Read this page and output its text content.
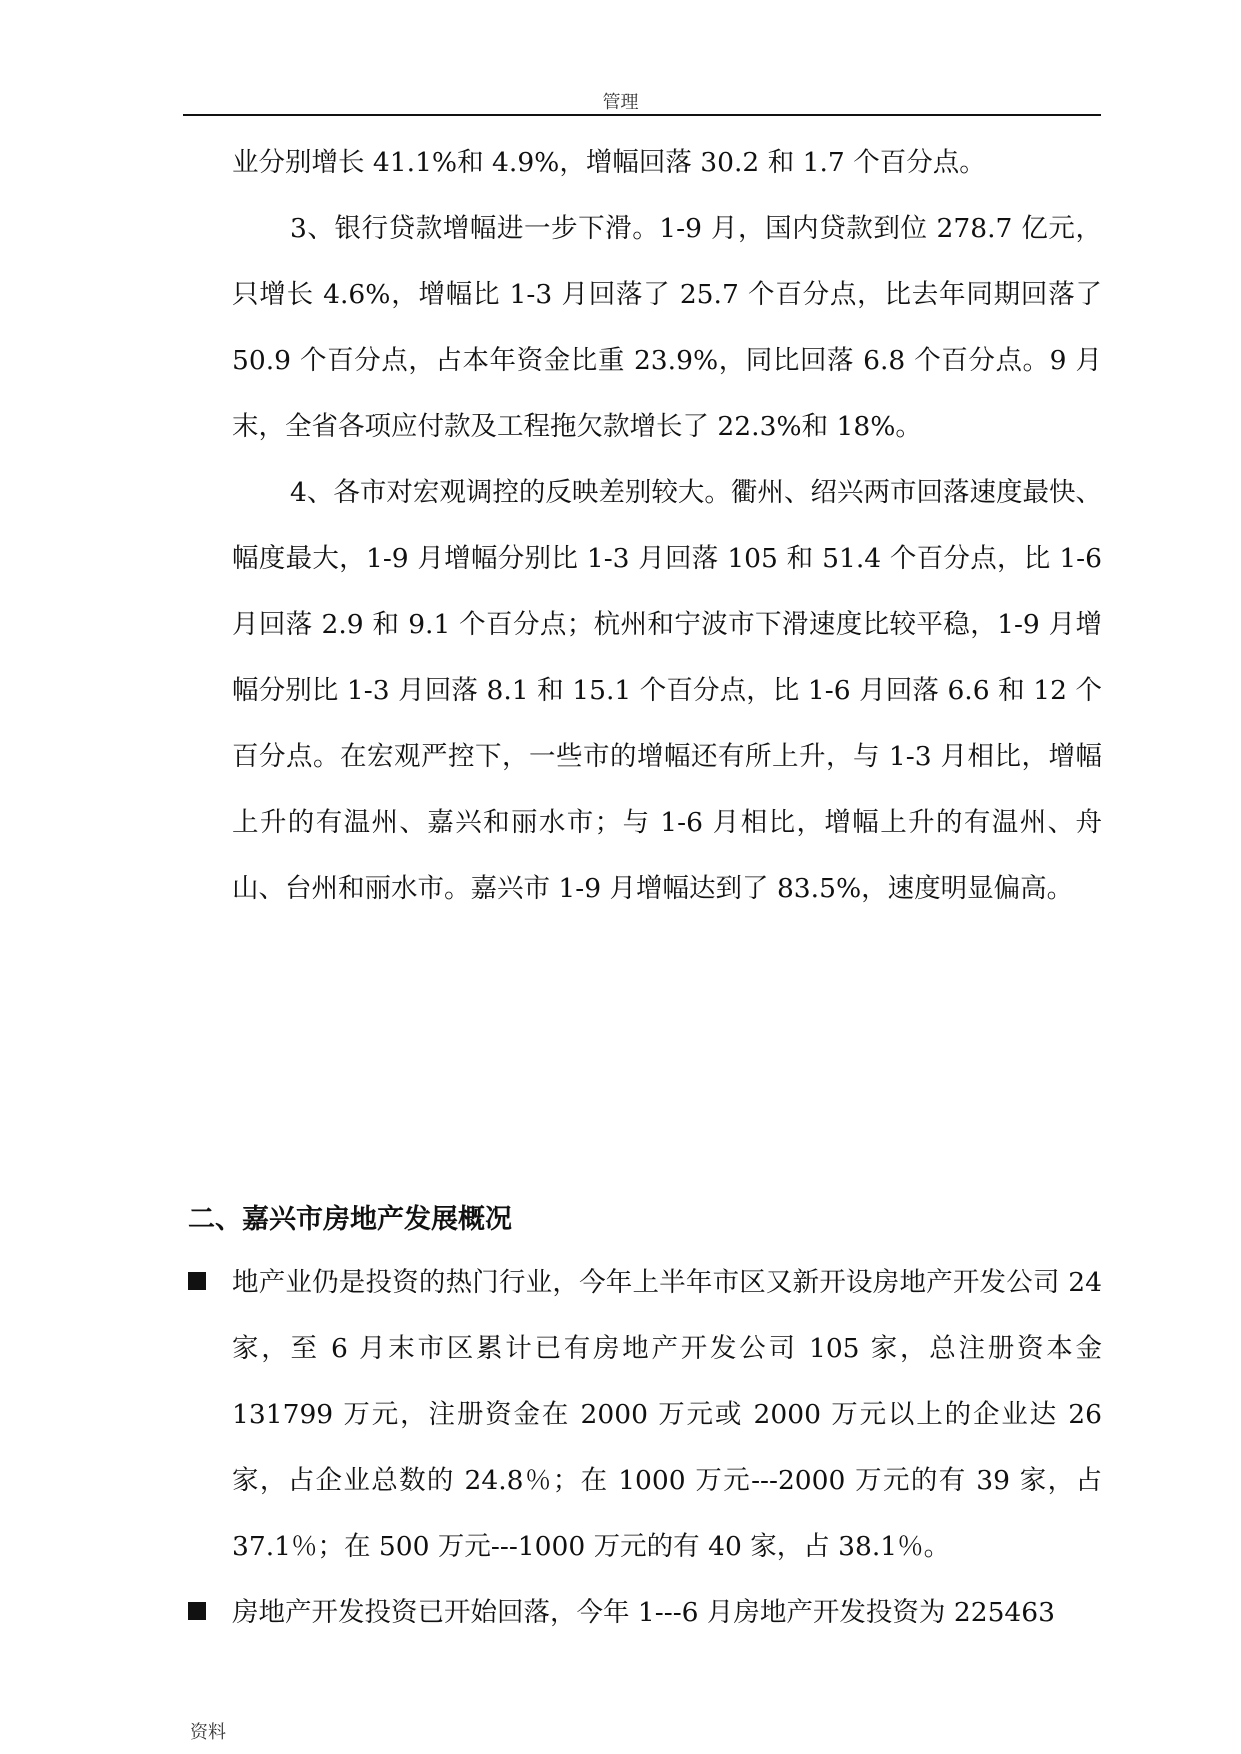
管理

业分别增长 41.1%和 4.9%，增幅回落 30.2 和 1.7 个百分点。

3、银行贷款增幅进一步下滑。1-9 月，国内贷款到位 278.7 亿元，只增长 4.6%，增幅比 1-3 月回落了 25.7 个百分点，比去年同期回落了 50.9 个百分点，占本年资金比重 23.9%，同比回落 6.8 个百分点。9 月末，全省各项应付款及工程拖欠款增长了 22.3%和 18%。

4、各市对宏观调控的反映差别较大。衢州、绍兴两市回落速度最快、幅度最大，1-9 月增幅分别比 1-3 月回落 105 和 51.4 个百分点，比 1-6 月回落 2.9 和 9.1 个百分点；杭州和宁波市下滑速度比较平稳，1-9 月增幅分别比 1-3 月回落 8.1 和 15.1 个百分点，比 1-6 月回落 6.6 和 12 个百分点。在宏观严控下，一些市的增幅还有所上升，与 1-3 月相比，增幅上升的有温州、嘉兴和丽水市；与 1-6 月相比，增幅上升的有温州、舟山、台州和丽水市。嘉兴市 1-9 月增幅达到了 83.5%，速度明显偏高。

二、嘉兴市房地产发展概况

地产业仍是投资的热门行业，今年上半年市区又新开设房地产开发公司 24 家，至 6 月末市区累计已有房地产开发公司 105 家，总注册资本金 131799 万元，注册资金在 2000 万元或 2000 万元以上的企业达 26 家，占企业总数的 24.8％；在 1000 万元---2000 万元的有 39 家，占 37.1％；在 500 万元---1000 万元的有 40 家，占 38.1％。

房地产开发投资已开始回落，今年 1---6 月房地产开发投资为 225463

资料
